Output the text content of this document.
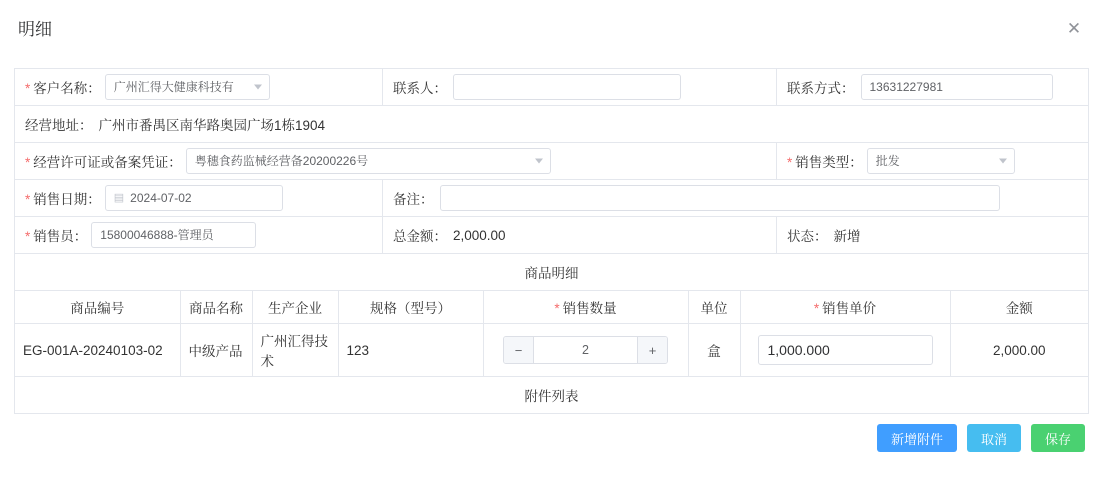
明细	✕
* 客户名称： 广州汇得大健康科技有	联系人：	联系方式： 13631227981
经营地址： 广州市番禺区南华路奥园广场1栋1904
* 经营许可证或备案凭证： 粤穗食药监械经营备20200226号	* 销售类型： 批发
* 销售日期： ▤ 2024-07-02	备注：
* 销售员： 15800046888-管理员	总金额： 2,000.00	状态： 新增
商品明细
商品编号	商品名称	生产企业	规格（型号）	* 销售数量	单位	* 销售单价	金额
EG-001A-20240103-02	中级产品	广州汇得技术	123	− 2 +	盒	1,000.000	2,000.00
附件列表
新增附件	取消	保存
